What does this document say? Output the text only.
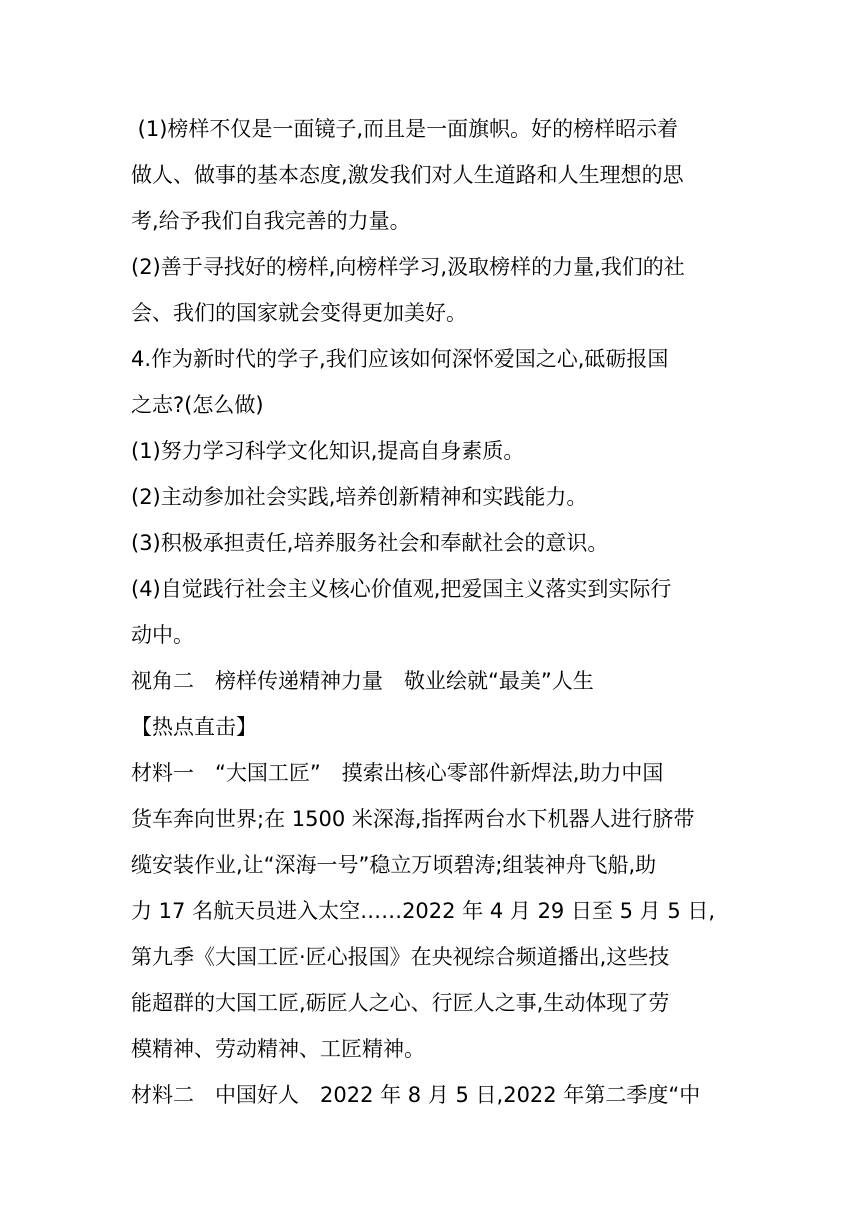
(1)榜样不仅是一面镜子,而且是一面旗帜。好的榜样昭示着
做人、做事的基本态度,激发我们对人生道路和人生理想的思
考,给予我们自我完善的力量。
(2)善于寻找好的榜样,向榜样学习,汲取榜样的力量,我们的社
会、我们的国家就会变得更加美好。
4.作为新时代的学子,我们应该如何深怀爱国之心,砥砺报国
之志?(怎么做)
(1)努力学习科学文化知识,提高自身素质。
(2)主动参加社会实践,培养创新精神和实践能力。
(3)积极承担责任,培养服务社会和奉献社会的意识。
(4)自觉践行社会主义核心价值观,把爱国主义落实到实际行
动中。
视角二　榜样传递精神力量　敬业绘就“最美”人生
【热点直击】
材料一　“大国工匠”　摸索出核心零部件新焊法,助力中国
货车奔向世界;在 1500 米深海,指挥两台水下机器人进行脐带
缆安装作业,让“深海一号”稳立万顷碧涛;组装神舟飞船,助
力 17 名航天员进入太空……2022 年 4 月 29 日至 5 月 5 日,
第九季《大国工匠·匠心报国》在央视综合频道播出,这些技
能超群的大国工匠,砺匠人之心、行匠人之事,生动体现了劳
模精神、劳动精神、工匠精神。
材料二　中国好人　2022 年 8 月 5 日,2022 年第二季度“中
